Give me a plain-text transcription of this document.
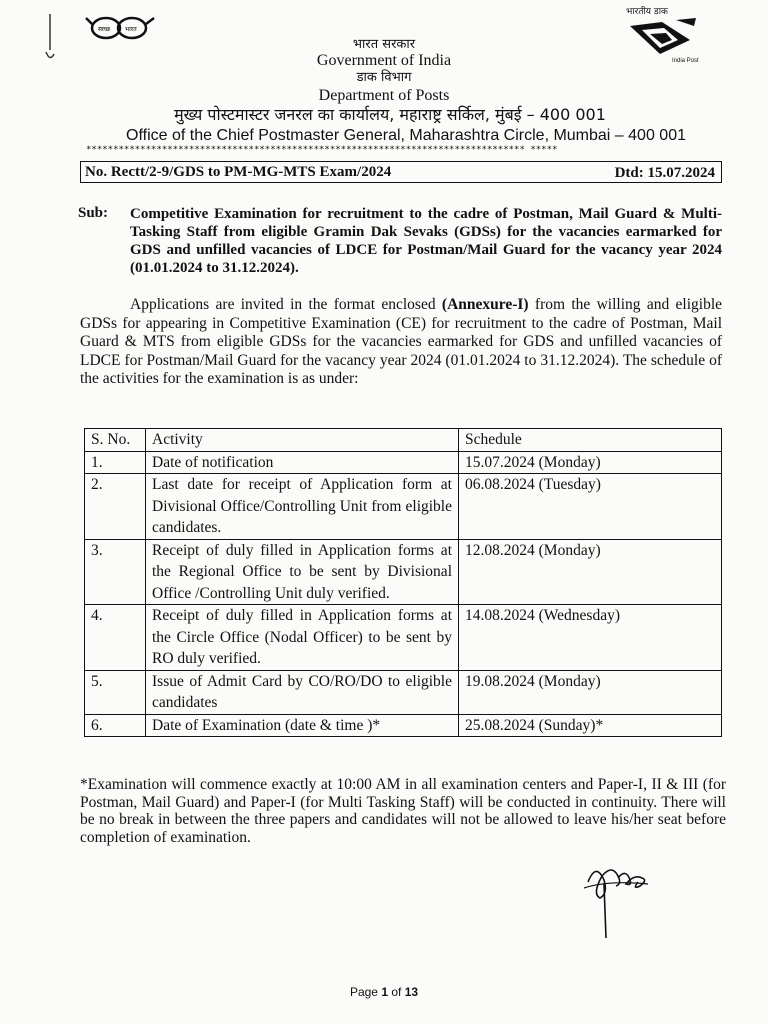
स्वच्छ भारत
भारतीय डाक
India Post
भारत सरकार
Government of India
डाक विभाग
Department of Posts
मुख्य पोस्टमास्टर जनरल का कार्यालय, महाराष्ट्र सर्किल, मुंबई – 400 001
Office of the Chief Postmaster General, Maharashtra Circle, Mumbai – 400 001
********************************************************************************* *****
No. Rectt/2-9/GDS to PM-MG-MTS Exam/2024	Dtd: 15.07.2024
Sub: Competitive Examination for recruitment to the cadre of Postman, Mail Guard & Multi-Tasking Staff from eligible Gramin Dak Sevaks (GDSs) for the vacancies earmarked for GDS and unfilled vacancies of LDCE for Postman/Mail Guard for the vacancy year 2024 (01.01.2024 to 31.12.2024).
Applications are invited in the format enclosed (Annexure-I) from the willing and eligible GDSs for appearing in Competitive Examination (CE) for recruitment to the cadre of Postman, Mail Guard & MTS from eligible GDSs for the vacancies earmarked for GDS and unfilled vacancies of LDCE for Postman/Mail Guard for the vacancy year 2024 (01.01.2024 to 31.12.2024). The schedule of the activities for the examination is as under:
S. No.	Activity	Schedule
1.	Date of notification	15.07.2024 (Monday)
2.	Last date for receipt of Application form at Divisional Office/Controlling Unit from eligible candidates.	06.08.2024 (Tuesday)
3.	Receipt of duly filled in Application forms at the Regional Office to be sent by Divisional Office /Controlling Unit duly verified.	12.08.2024 (Monday)
4.	Receipt of duly filled in Application forms at the Circle Office (Nodal Officer) to be sent by RO duly verified.	14.08.2024 (Wednesday)
5.	Issue of Admit Card by CO/RO/DO to eligible candidates	19.08.2024 (Monday)
6.	Date of Examination (date & time )*	25.08.2024 (Sunday)*
*Examination will commence exactly at 10:00 AM in all examination centers and Paper-I, II & III (for Postman, Mail Guard) and Paper-I (for Multi Tasking Staff) will be conducted in continuity. There will be no break in between the three papers and candidates will not be allowed to leave his/her seat before completion of examination.
Page 1 of 13
